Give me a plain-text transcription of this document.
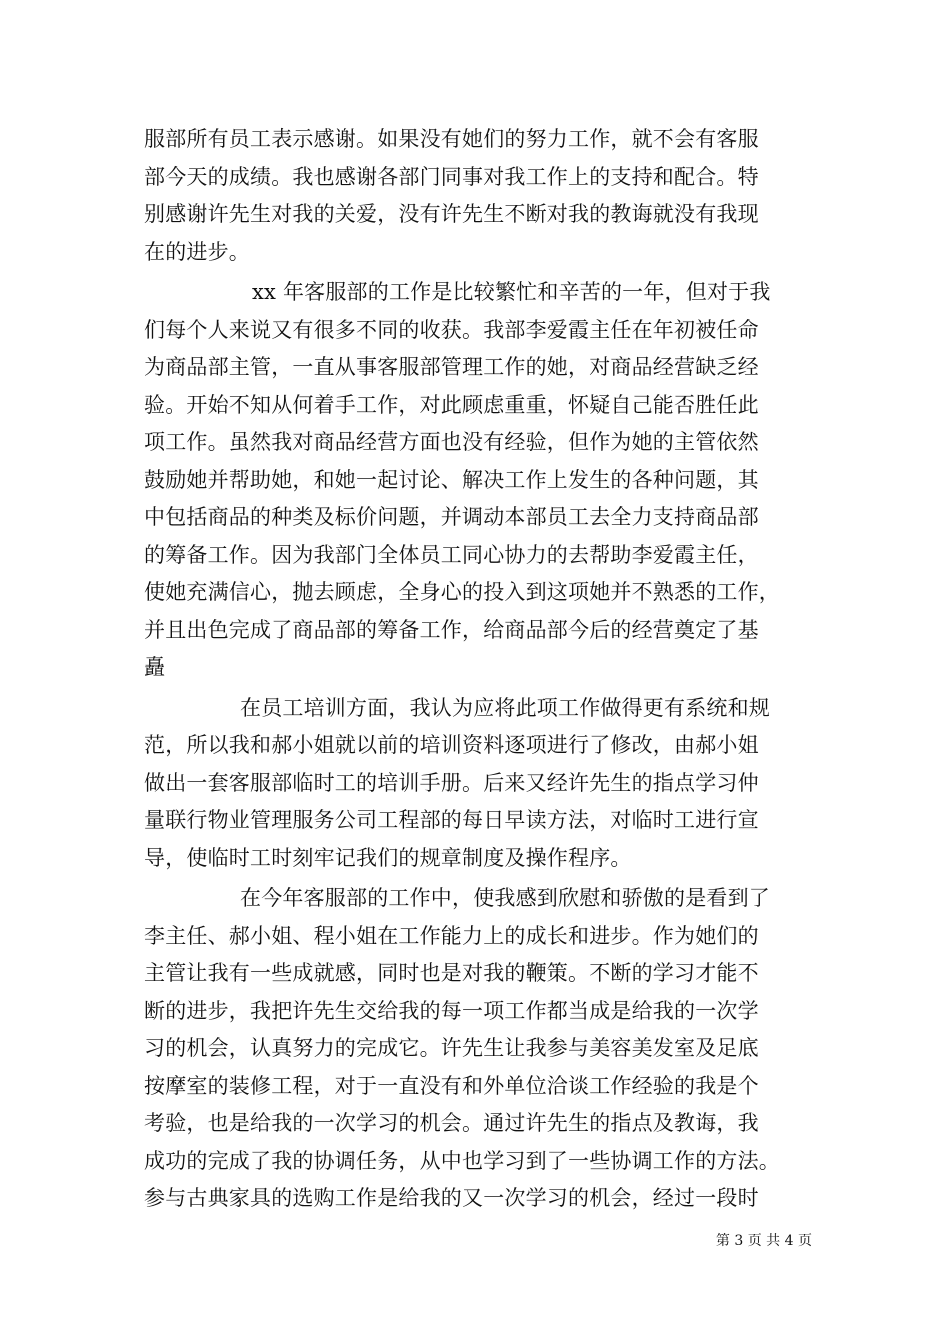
服部所有员工表示感谢。如果没有她们的努力工作，就不会有客服
部今天的成绩。我也感谢各部门同事对我工作上的支持和配合。特
别感谢许先生对我的关爱，没有许先生不断对我的教诲就没有我现
在的进步。
xx 年客服部的工作是比较繁忙和辛苦的一年，但对于我
们每个人来说又有很多不同的收获。我部李爱霞主任在年初被任命
为商品部主管，一直从事客服部管理工作的她，对商品经营缺乏经
验。开始不知从何着手工作，对此顾虑重重，怀疑自己能否胜任此
项工作。虽然我对商品经营方面也没有经验，但作为她的主管依然
鼓励她并帮助她，和她一起讨论、解决工作上发生的各种问题，其
中包括商品的种类及标价问题，并调动本部员工去全力支持商品部
的筹备工作。因为我部门全体员工同心协力的去帮助李爱霞主任，
使她充满信心，抛去顾虑，全身心的投入到这项她并不熟悉的工作，
并且出色完成了商品部的筹备工作，给商品部今后的经营奠定了基
矗
在员工培训方面，我认为应将此项工作做得更有系统和规
范，所以我和郝小姐就以前的培训资料逐项进行了修改，由郝小姐
做出一套客服部临时工的培训手册。后来又经许先生的指点学习仲
量联行物业管理服务公司工程部的每日早读方法，对临时工进行宣
导，使临时工时刻牢记我们的规章制度及操作程序。
在今年客服部的工作中，使我感到欣慰和骄傲的是看到了
李主任、郝小姐、程小姐在工作能力上的成长和进步。作为她们的
主管让我有一些成就感，同时也是对我的鞭策。不断的学习才能不
断的进步，我把许先生交给我的每一项工作都当成是给我的一次学
习的机会，认真努力的完成它。许先生让我参与美容美发室及足底
按摩室的装修工程，对于一直没有和外单位洽谈工作经验的我是个
考验，也是给我的一次学习的机会。通过许先生的指点及教诲，我
成功的完成了我的协调任务，从中也学习到了一些协调工作的方法。
参与古典家具的选购工作是给我的又一次学习的机会，经过一段时
第 3 页 共 4 页
